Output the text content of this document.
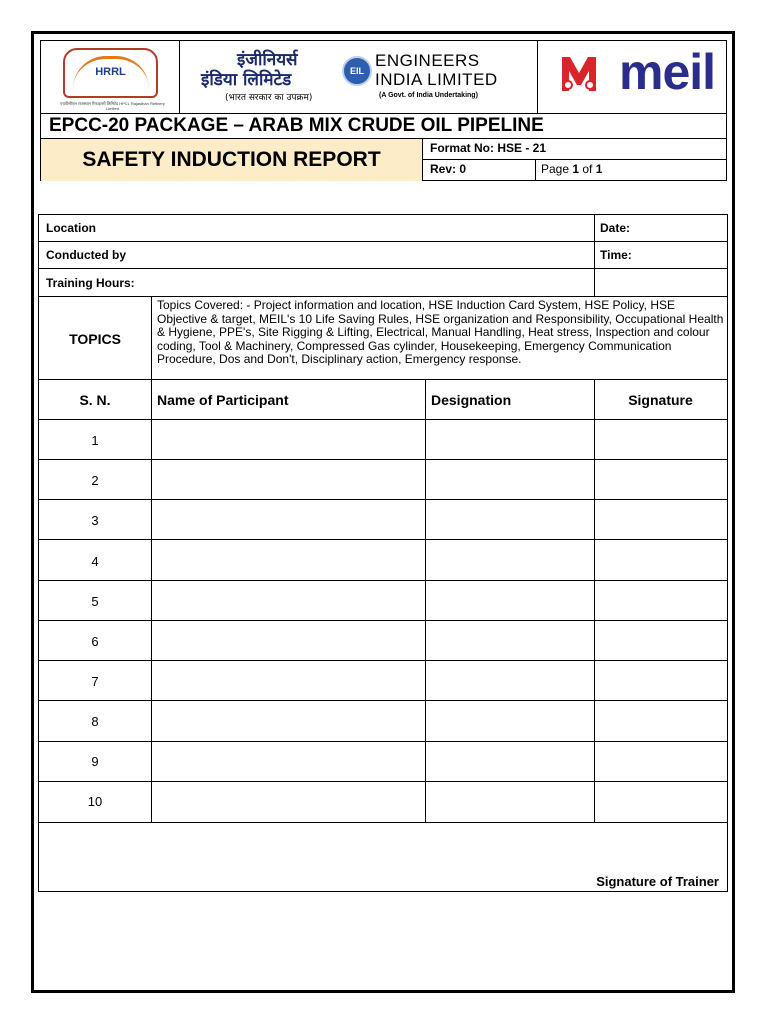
HRRL
एचपीसीएल राजस्थान रिफाइनरी लिमिटेड HPCL Rajasthan Refinery Limited
इंजीनियर्स
इंडिया लिमिटेड
(भारत सरकार का उपक्रम)
EIL
ENGINEERS
INDIA LIMITED
(A Govt. of India Undertaking)	meil
EPCC-20 PACKAGE – ARAB MIX CRUDE OIL PIPELINE
SAFETY INDUCTION REPORT	Format No: HSE - 21
Rev: 0	Page 1 of 1
Location	Date:
Conducted by	Time:
Training Hours:
TOPICS
Topics Covered: - Project information and location, HSE Induction Card System, HSE Policy, HSE Objective & target, MEIL's 10 Life Saving Rules, HSE organization and Responsibility, Occupational Health & Hygiene, PPE's, Site Rigging & Lifting, Electrical, Manual Handling, Heat stress, Inspection and colour coding, Tool & Machinery, Compressed Gas cylinder, Housekeeping, Emergency Communication Procedure, Dos and Don't, Disciplinary action, Emergency response.
S. N.	Name of Participant	Designation	Signature
1
2
3
4
5
6
7
8
9
10
Signature of Trainer
